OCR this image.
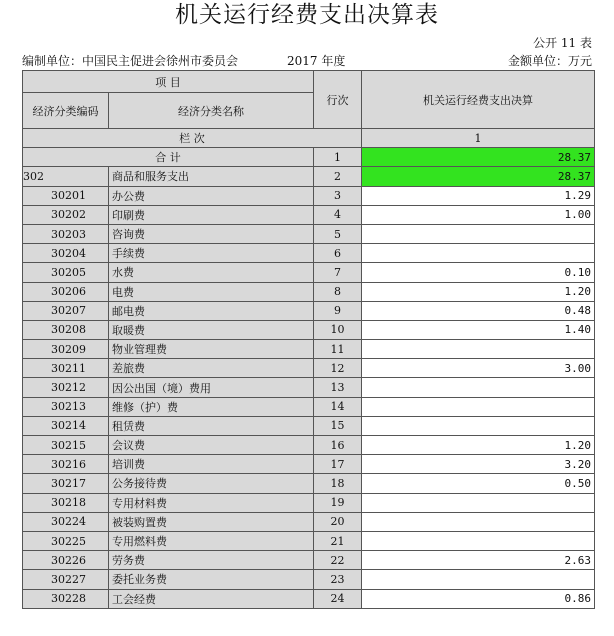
机关运行经费支出决算表
公开 11 表
编制单位：中国民主促进会徐州市委员会	2017 年度	金额单位：万元
项 目		行次	机关运行经费支出决算
经济分类编码	经济分类名称		
栏 次			1
合 计		1	28.37
302	商品和服务支出	2	28.37
30201	办公费	3	1.29
30202	印刷费	4	1.00
30203	咨询费	5	
30204	手续费	6	
30205	水费	7	0.10
30206	电费	8	1.20
30207	邮电费	9	0.48
30208	取暖费	10	1.40
30209	物业管理费	11	
30211	差旅费	12	3.00
30212	因公出国（境）费用	13	
30213	维修（护）费	14	
30214	租赁费	15	
30215	会议费	16	1.20
30216	培训费	17	3.20
30217	公务接待费	18	0.50
30218	专用材料费	19	
30224	被装购置费	20	
30225	专用燃料费	21	
30226	劳务费	22	2.63
30227	委托业务费	23	
30228	工会经费	24	0.86
